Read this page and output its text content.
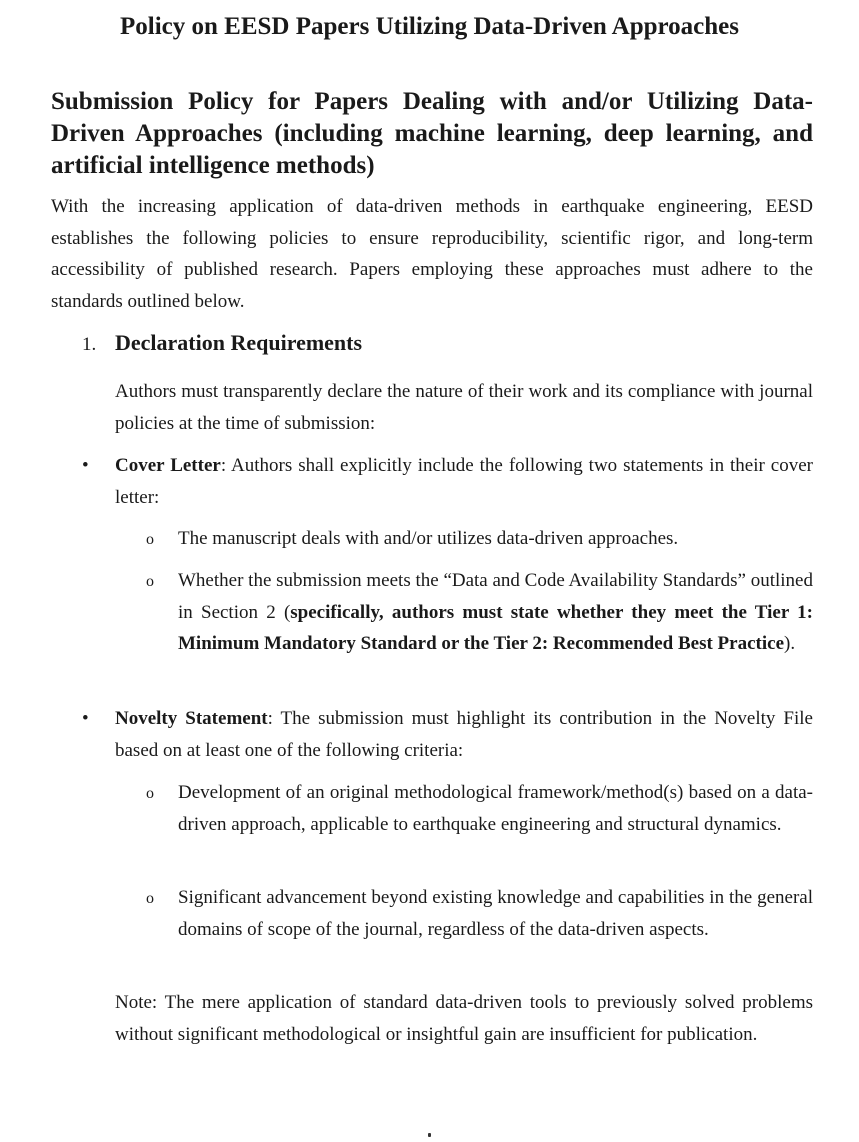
Policy on EESD Papers Utilizing Data-Driven Approaches
Submission Policy for Papers Dealing with and/or Utilizing Data-Driven Approaches (including machine learning, deep learning, and artificial intelligence methods)

With the increasing application of data-driven methods in earthquake engineering, EESD establishes the following policies to ensure reproducibility, scientific rigor, and long-term accessibility of published research. Papers employing these approaches must adhere to the standards outlined below.

1. Declaration Requirements

Authors must transparently declare the nature of their work and its compliance with journal policies at the time of submission:

• Cover Letter: Authors shall explicitly include the following two statements in their cover letter:

o The manuscript deals with and/or utilizes data-driven approaches.

o Whether the submission meets the “Data and Code Availability Standards” outlined in Section 2 (specifically, authors must state whether they meet the Tier 1: Minimum Mandatory Standard or the Tier 2: Recommended Best Practice).

• Novelty Statement: The submission must highlight its contribution in the Novelty File based on at least one of the following criteria:

o Development of an original methodological framework/method(s) based on a data-driven approach, applicable to earthquake engineering and structural dynamics.

o Significant advancement beyond existing knowledge and capabilities in the general domains of scope of the journal, regardless of the data-driven aspects.

Note: The mere application of standard data-driven tools to previously solved problems without significant methodological or insightful gain are insufficient for publication.
